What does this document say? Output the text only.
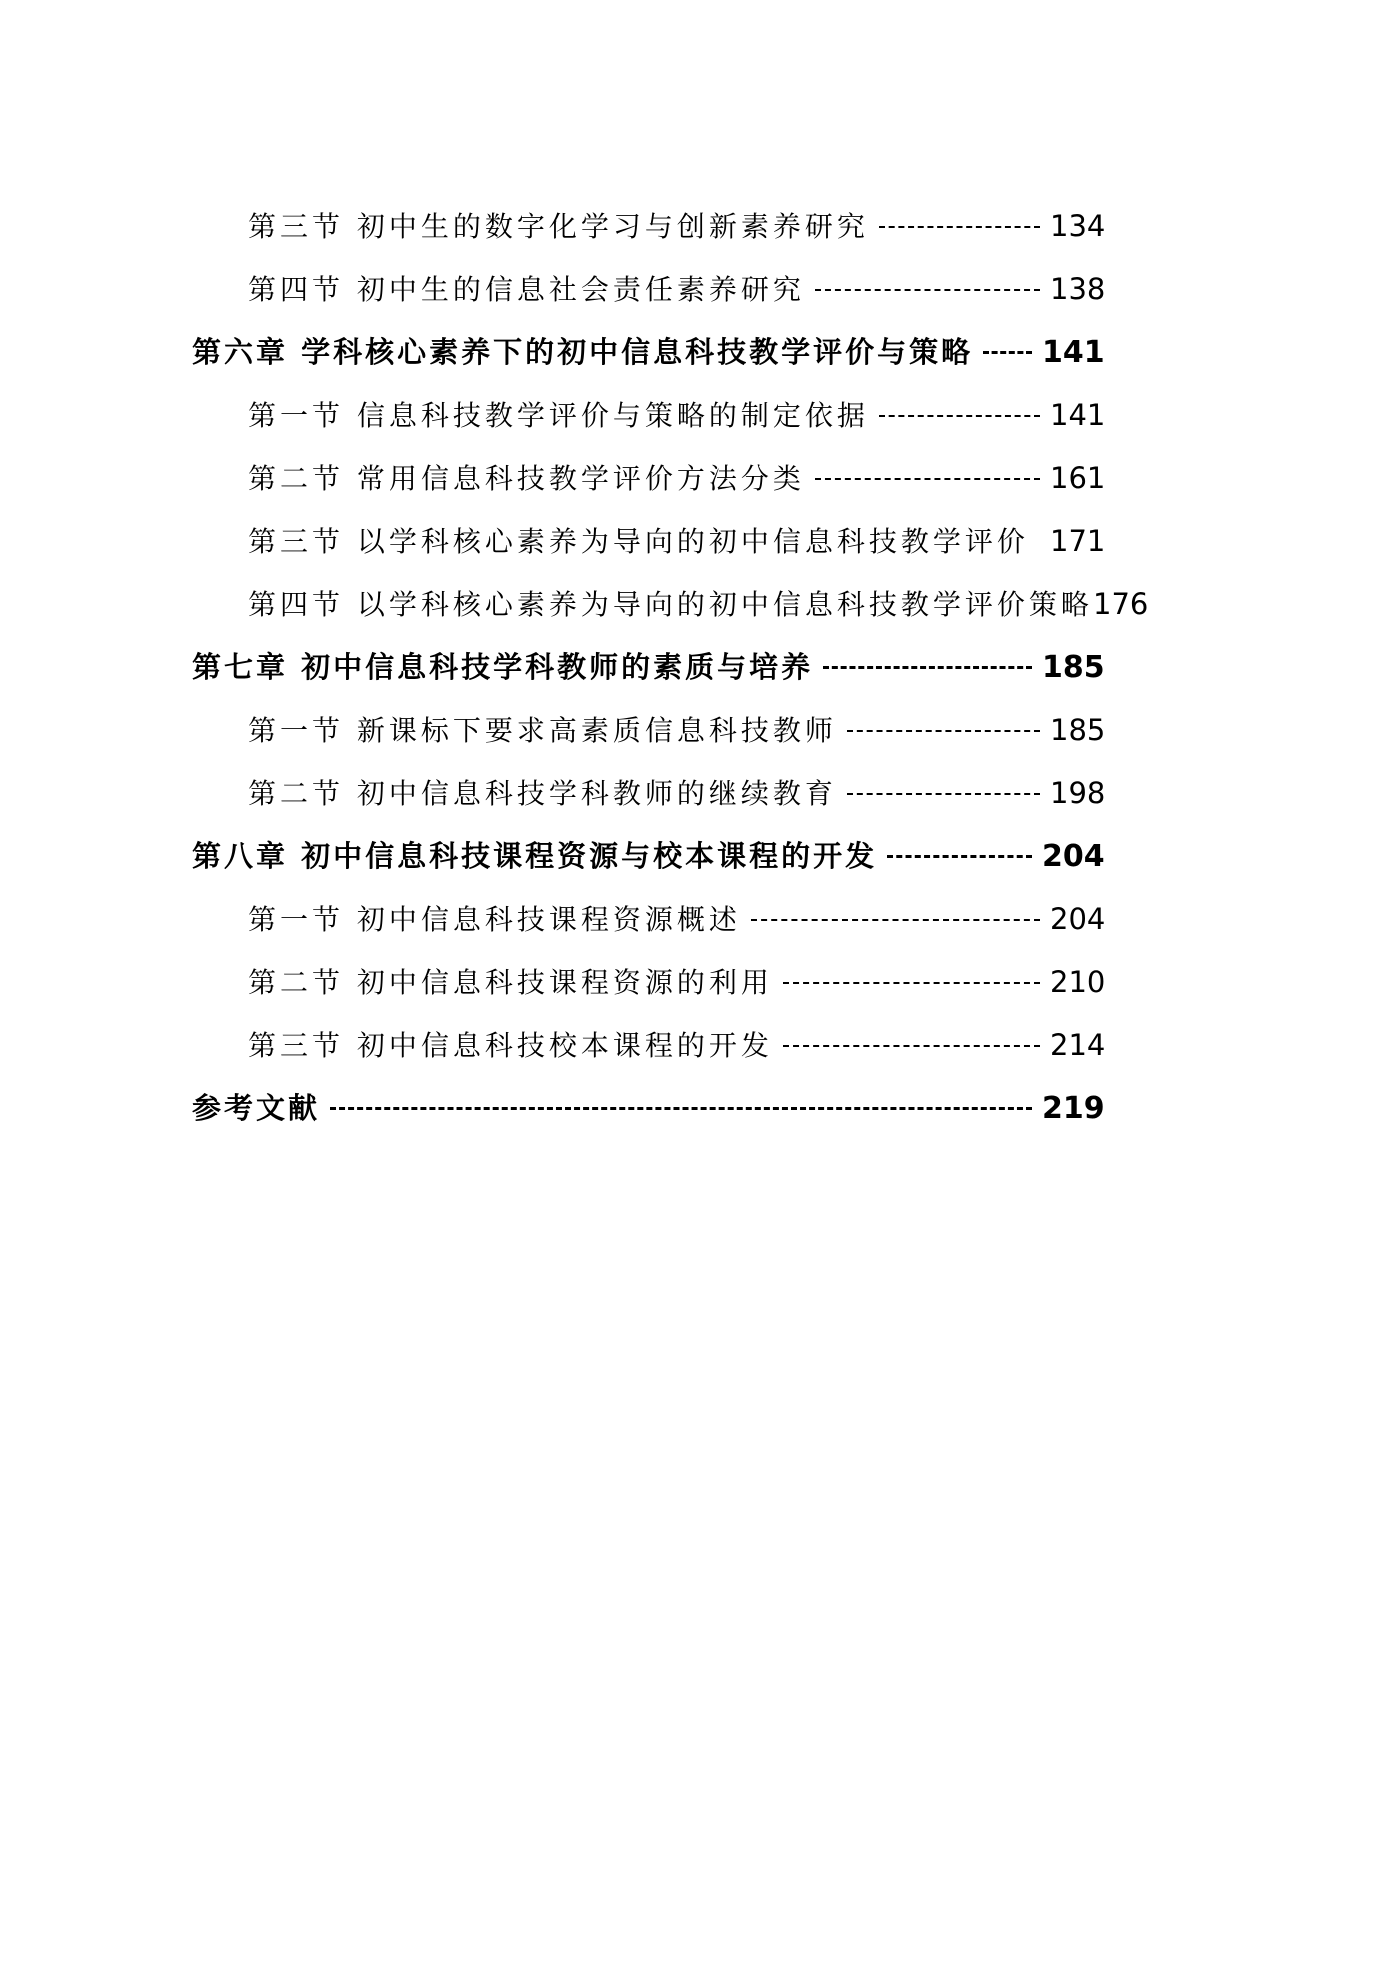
第三节 初中生的数字化学习与创新素养研究	134
第四节 初中生的信息社会责任素养研究	138
第六章 学科核心素养下的初中信息科技教学评价与策略 141
第一节 信息科技教学评价与策略的制定依据	141
第二节 常用信息科技教学评价方法分类	161
第三节 以学科核心素养为导向的初中信息科技教学评价 171
第四节 以学科核心素养为导向的初中信息科技教学评价策略 176
第七章 初中信息科技学科教师的素质与培养	185
第一节 新课标下要求高素质信息科技教师	185
第二节 初中信息科技学科教师的继续教育	198
第八章 初中信息科技课程资源与校本课程的开发	204
第一节 初中信息科技课程资源概述	204
第二节 初中信息科技课程资源的利用	210
第三节 初中信息科技校本课程的开发	214
参考文献	219
